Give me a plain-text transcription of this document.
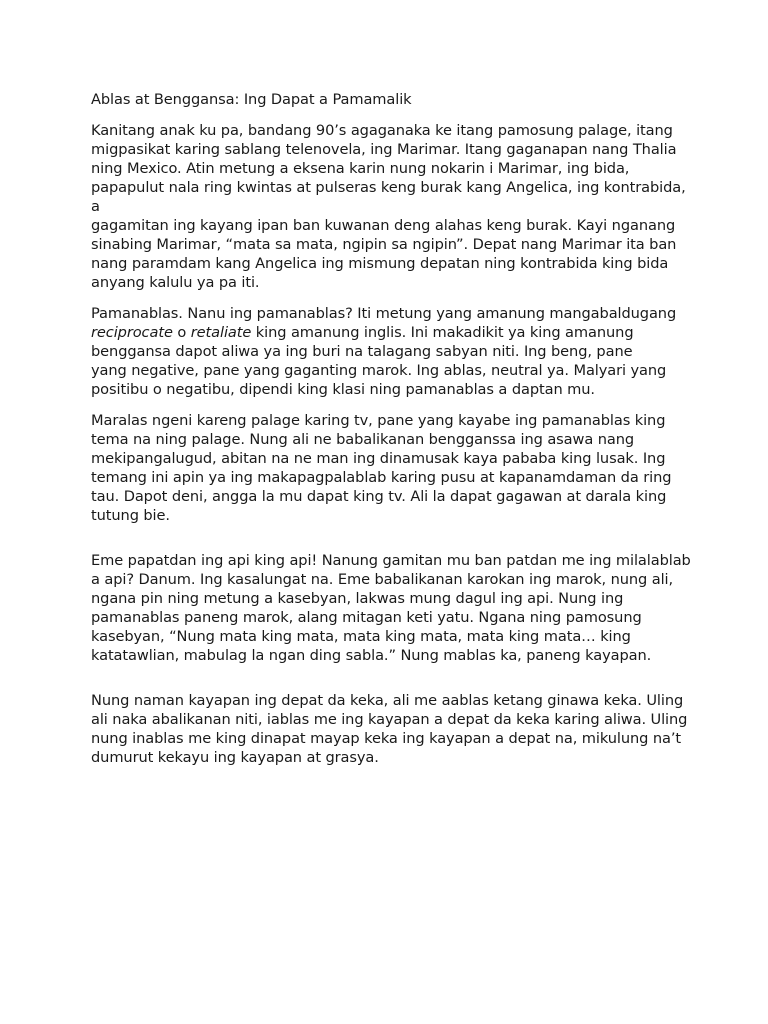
Ablas at Benggansa: Ing Dapat a Pamamalik

Kanitang anak ku pa, bandang 90’s agaganaka ke itang pamosung palage, itang
migpasikat karing sablang telenovela, ing Marimar. Itang gaganapan nang Thalia
ning Mexico. Atin metung a eksena karin nung nokarin i Marimar, ing bida,
papapulut nala ring kwintas at pulseras keng burak kang Angelica, ing kontrabida, a
gagamitan ing kayang ipan ban kuwanan deng alahas keng burak. Kayi nganang
sinabing Marimar, “mata sa mata, ngipin sa ngipin”. Depat nang Marimar ita ban
nang paramdam kang Angelica ing mismung depatan ning kontrabida king bida
anyang kalulu ya pa iti.

Pamanablas. Nanu ing pamanablas? Iti metung yang amanung mangabaldugang
reciprocate o retaliate king amanung inglis. Ini makadikit ya king amanung
benggansa dapot aliwa ya ing buri na talagang sabyan niti. Ing beng, pane
yang negative, pane yang gaganting marok. Ing ablas, neutral ya. Malyari yang
positibu o negatibu, dipendi king klasi ning pamanablas a daptan mu.

Maralas ngeni kareng palage karing tv, pane yang kayabe ing pamanablas king
tema na ning palage. Nung ali ne babalikanan bengganssa ing asawa nang
mekipangalugud, abitan na ne man ing dinamusak kaya pababa king lusak. Ing
temang ini apin ya ing makapagpalablab karing pusu at kapanamdaman da ring
tau. Dapot deni, angga la mu dapat king tv. Ali la dapat gagawan at darala king
tutung bie.

Eme papatdan ing api king api! Nanung gamitan mu ban patdan me ing milalablab
a api? Danum. Ing kasalungat na. Eme babalikanan karokan ing marok, nung ali,
ngana pin ning metung a kasebyan, lakwas mung dagul ing api. Nung ing
pamanablas paneng marok, alang mitagan keti yatu. Ngana ning pamosung
kasebyan, “Nung mata king mata, mata king mata, mata king mata… king
katatawlian, mabulag la ngan ding sabla.” Nung mablas ka, paneng kayapan.

Nung naman kayapan ing depat da keka, ali me aablas ketang ginawa keka. Uling
ali naka abalikanan niti, iablas me ing kayapan a depat da keka karing aliwa. Uling
nung inablas me king dinapat mayap keka ing kayapan a depat na, mikulung na’t
dumurut kekayu ing kayapan at grasya.
